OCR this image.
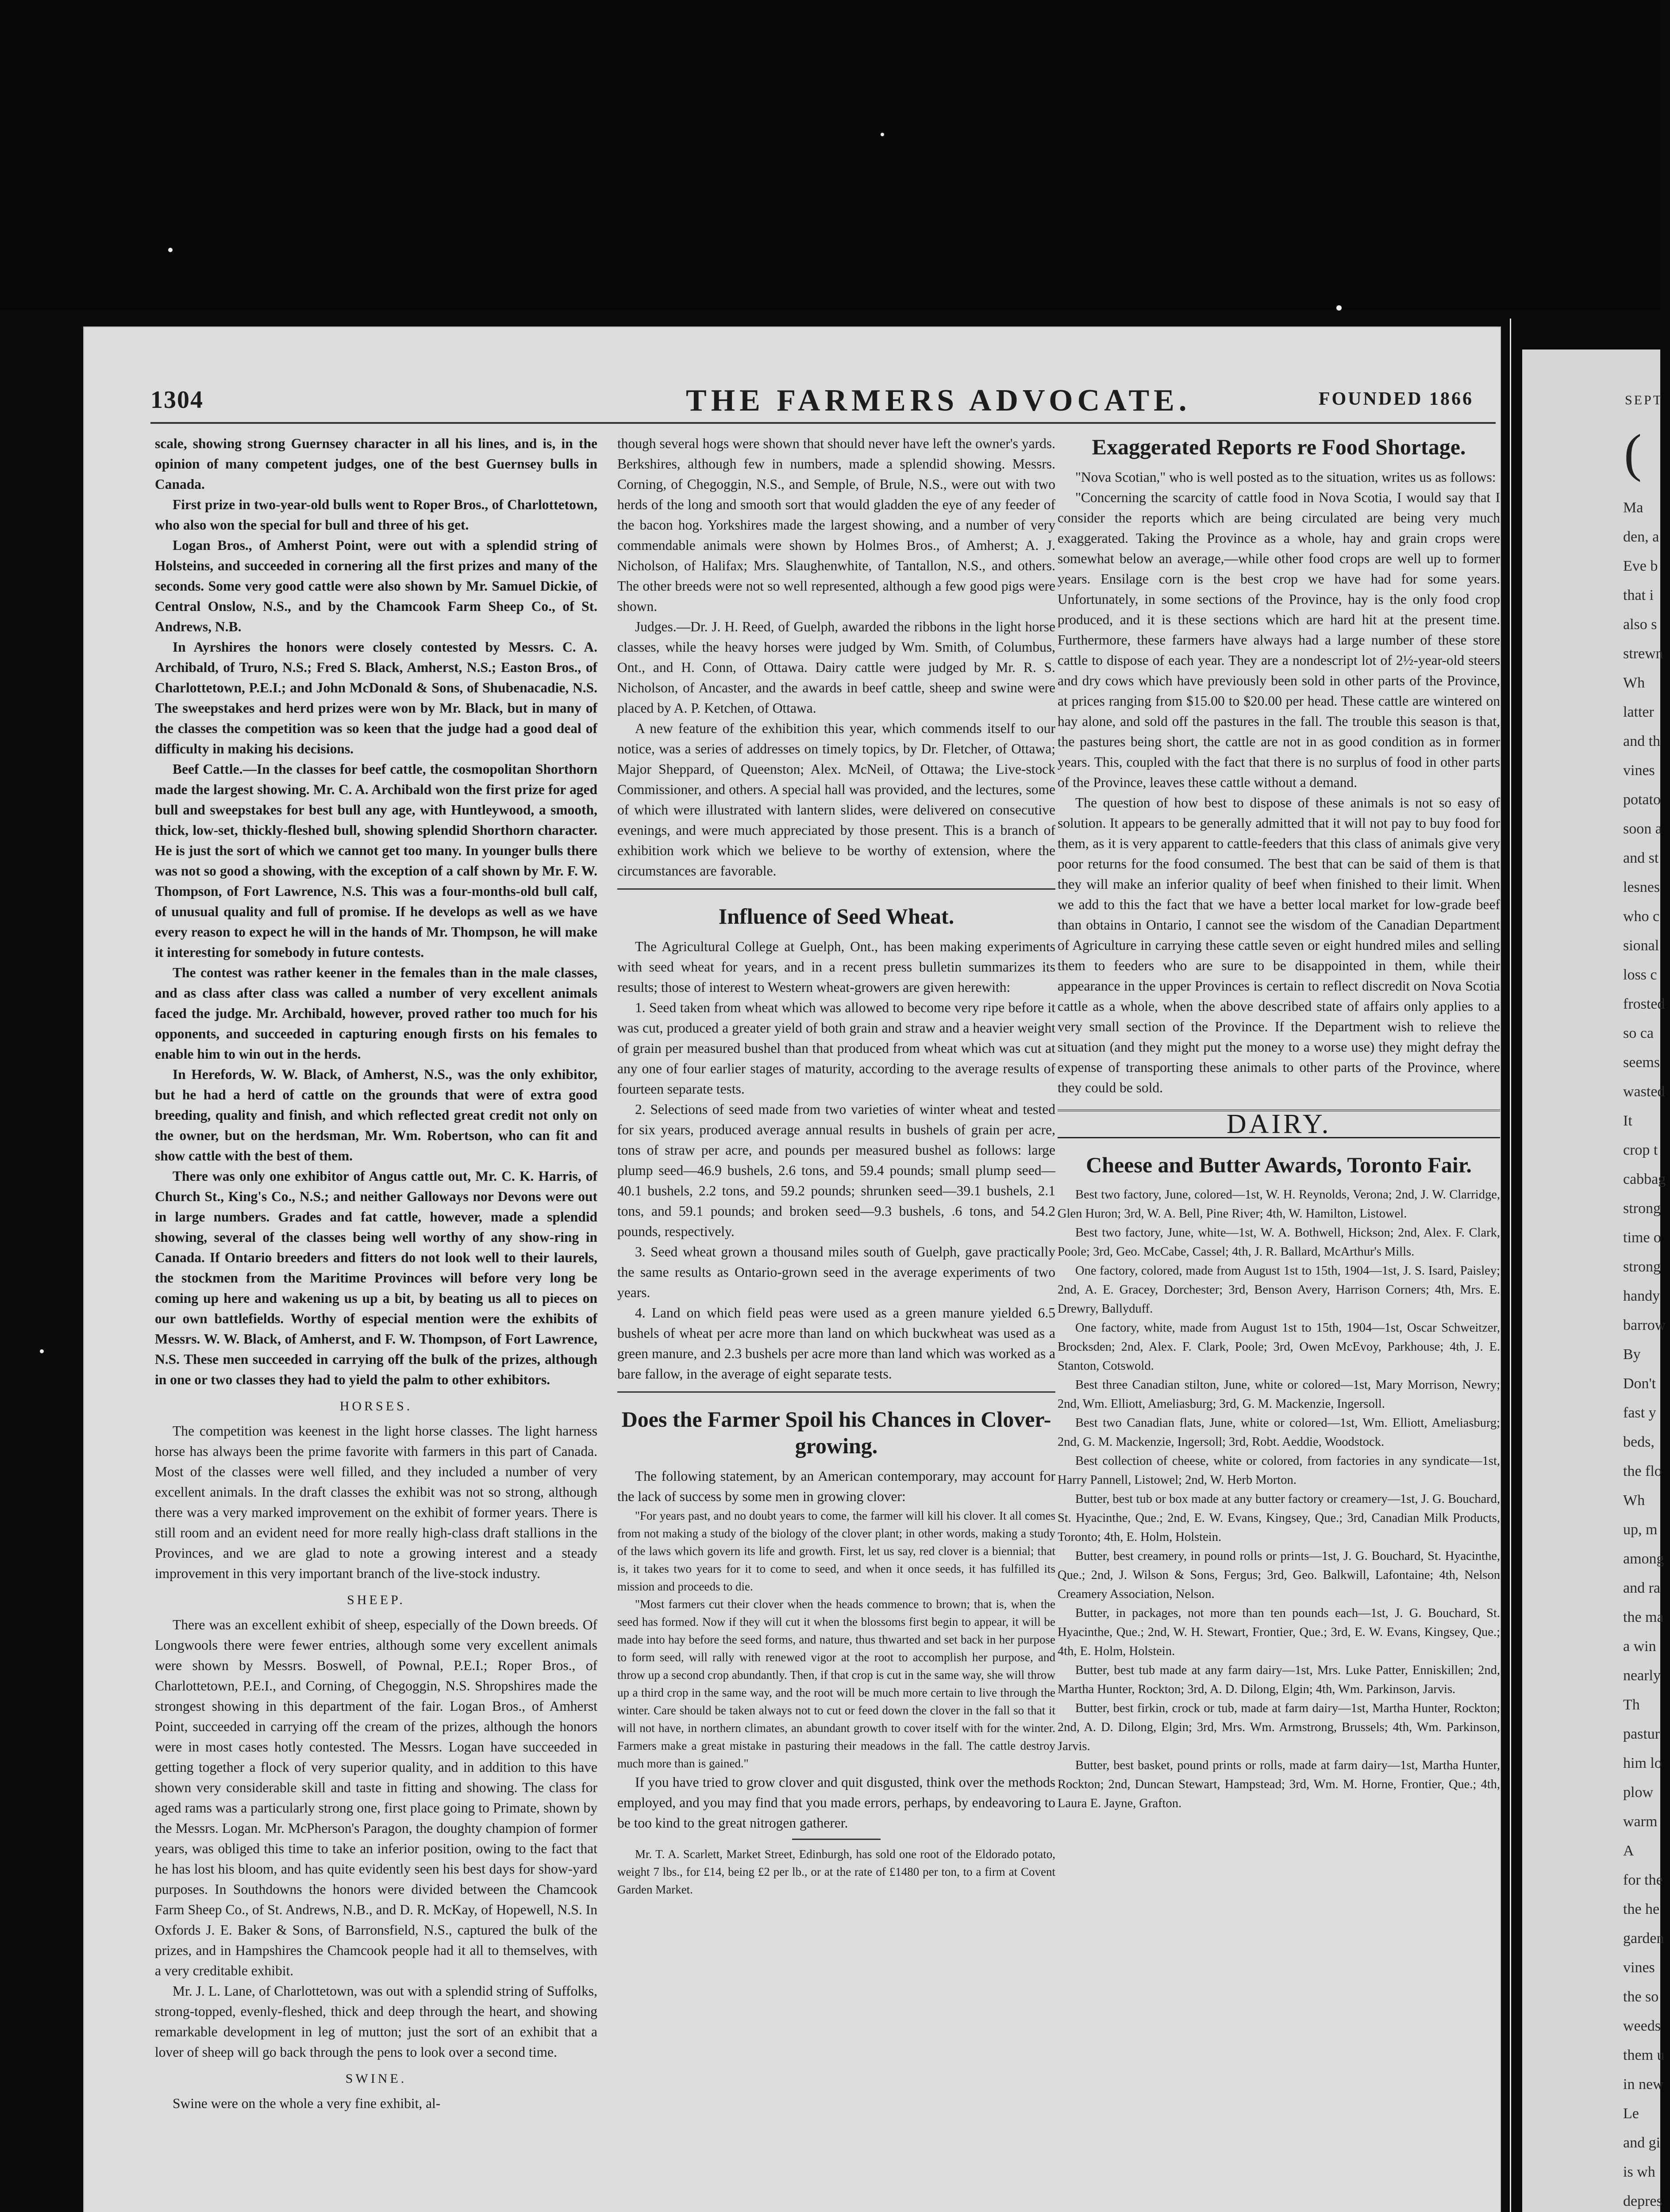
SEPT
(
Ma
den, a
Eve b
that i
also s
strewn
Wh
latter
and th
vines
potato
soon a
and st
lesnes
who c
sional
loss c
frosted
so ca
seems
wasted
It
crop t
cabbag
strong
time o
strong
handy
barrow
By
Don't
fast y
beds,
the flo
Wh
up, m
among
and ra
the ma
a win
nearly
Th
pastur
him lo
plow
warm
A
for the
the he
garden
vines
the so
weeds
them u
in new
Le
and gi
is wh
depres
1304	THE FARMERS ADVOCATE.	FOUNDED 1866

scale, showing strong Guernsey character in all his lines, and is, in the opinion of many competent judges, one of the best Guernsey bulls in Canada.

First prize in two-year-old bulls went to Roper Bros., of Charlottetown, who also won the special for bull and three of his get.

Logan Bros., of Amherst Point, were out with a splendid string of Holsteins, and succeeded in cornering all the first prizes and many of the seconds. Some very good cattle were also shown by Mr. Samuel Dickie, of Central Onslow, N.S., and by the Chamcook Farm Sheep Co., of St. Andrews, N.B.

In Ayrshires the honors were closely contested by Messrs. C. A. Archibald, of Truro, N.S.; Fred S. Black, Amherst, N.S.; Easton Bros., of Charlottetown, P.E.I.; and John McDonald & Sons, of Shubenacadie, N.S. The sweepstakes and herd prizes were won by Mr. Black, but in many of the classes the competition was so keen that the judge had a good deal of difficulty in making his decisions.

Beef Cattle.—In the classes for beef cattle, the cosmopolitan Shorthorn made the largest showing. Mr. C. A. Archibald won the first prize for aged bull and sweepstakes for best bull any age, with Huntleywood, a smooth, thick, low-set, thickly-fleshed bull, showing splendid Shorthorn character. He is just the sort of which we cannot get too many. In younger bulls there was not so good a showing, with the exception of a calf shown by Mr. F. W. Thompson, of Fort Lawrence, N.S. This was a four-months-old bull calf, of unusual quality and full of promise. If he develops as well as we have every reason to expect he will in the hands of Mr. Thompson, he will make it interesting for somebody in future contests.

The contest was rather keener in the females than in the male classes, and as class after class was called a number of very excellent animals faced the judge. Mr. Archibald, however, proved rather too much for his opponents, and succeeded in capturing enough firsts on his females to enable him to win out in the herds.

In Herefords, W. W. Black, of Amherst, N.S., was the only exhibitor, but he had a herd of cattle on the grounds that were of extra good breeding, quality and finish, and which reflected great credit not only on the owner, but on the herdsman, Mr. Wm. Robertson, who can fit and show cattle with the best of them.

There was only one exhibitor of Angus cattle out, Mr. C. K. Harris, of Church St., King's Co., N.S.; and neither Galloways nor Devons were out in large numbers. Grades and fat cattle, however, made a splendid showing, several of the classes being well worthy of any show-ring in Canada. If Ontario breeders and fitters do not look well to their laurels, the stockmen from the Maritime Provinces will before very long be coming up here and wakening us up a bit, by beating us all to pieces on our own battlefields. Worthy of especial mention were the exhibits of Messrs. W. W. Black, of Amherst, and F. W. Thompson, of Fort Lawrence, N.S. These men succeeded in carrying off the bulk of the prizes, although in one or two classes they had to yield the palm to other exhibitors.

HORSES.

The competition was keenest in the light horse classes. The light harness horse has always been the prime favorite with farmers in this part of Canada. Most of the classes were well filled, and they included a number of very excellent animals. In the draft classes the exhibit was not so strong, although there was a very marked improvement on the exhibit of former years. There is still room and an evident need for more really high-class draft stallions in the Provinces, and we are glad to note a growing interest and a steady improvement in this very important branch of the live-stock industry.

SHEEP.

There was an excellent exhibit of sheep, especially of the Down breeds. Of Longwools there were fewer entries, although some very excellent animals were shown by Messrs. Boswell, of Pownal, P.E.I.; Roper Bros., of Charlottetown, P.E.I., and Corning, of Chegoggin, N.S. Shropshires made the strongest showing in this department of the fair. Logan Bros., of Amherst Point, succeeded in carrying off the cream of the prizes, although the honors were in most cases hotly contested. The Messrs. Logan have succeeded in getting together a flock of very superior quality, and in addition to this have shown very considerable skill and taste in fitting and showing. The class for aged rams was a particularly strong one, first place going to Primate, shown by the Messrs. Logan. Mr. McPherson's Paragon, the doughty champion of former years, was obliged this time to take an inferior position, owing to the fact that he has lost his bloom, and has quite evidently seen his best days for show-yard purposes. In Southdowns the honors were divided between the Chamcook Farm Sheep Co., of St. Andrews, N.B., and D. R. McKay, of Hopewell, N.S. In Oxfords J. E. Baker & Sons, of Barronsfield, N.S., captured the bulk of the prizes, and in Hampshires the Chamcook people had it all to themselves, with a very creditable exhibit.

Mr. J. L. Lane, of Charlottetown, was out with a splendid string of Suffolks, strong-topped, evenly-fleshed, thick and deep through the heart, and showing remarkable development in leg of mutton; just the sort of an exhibit that a lover of sheep will go back through the pens to look over a second time.

SWINE.

Swine were on the whole a very fine exhibit, al-

though several hogs were shown that should never have left the owner's yards. Berkshires, although few in numbers, made a splendid showing. Messrs. Corning, of Chegoggin, N.S., and Semple, of Brule, N.S., were out with two herds of the long and smooth sort that would gladden the eye of any feeder of the bacon hog. Yorkshires made the largest showing, and a number of very commendable animals were shown by Holmes Bros., of Amherst; A. J. Nicholson, of Halifax; Mrs. Slaughenwhite, of Tantallon, N.S., and others. The other breeds were not so well represented, although a few good pigs were shown.

Judges.—Dr. J. H. Reed, of Guelph, awarded the ribbons in the light horse classes, while the heavy horses were judged by Wm. Smith, of Columbus, Ont., and H. Conn, of Ottawa. Dairy cattle were judged by Mr. R. S. Nicholson, of Ancaster, and the awards in beef cattle, sheep and swine were placed by A. P. Ketchen, of Ottawa.

A new feature of the exhibition this year, which commends itself to our notice, was a series of addresses on timely topics, by Dr. Fletcher, of Ottawa; Major Sheppard, of Queenston; Alex. McNeil, of Ottawa; the Live-stock Commissioner, and others. A special hall was provided, and the lectures, some of which were illustrated with lantern slides, were delivered on consecutive evenings, and were much appreciated by those present. This is a branch of exhibition work which we believe to be worthy of extension, where the circumstances are favorable.

Influence of Seed Wheat.

The Agricultural College at Guelph, Ont., has been making experiments with seed wheat for years, and in a recent press bulletin summarizes its results; those of interest to Western wheat-growers are given herewith:

1. Seed taken from wheat which was allowed to become very ripe before it was cut, produced a greater yield of both grain and straw and a heavier weight of grain per measured bushel than that produced from wheat which was cut at any one of four earlier stages of maturity, according to the average results of fourteen separate tests.

2. Selections of seed made from two varieties of winter wheat and tested for six years, produced average annual results in bushels of grain per acre, tons of straw per acre, and pounds per measured bushel as follows: large plump seed—46.9 bushels, 2.6 tons, and 59.4 pounds; small plump seed—40.1 bushels, 2.2 tons, and 59.2 pounds; shrunken seed—39.1 bushels, 2.1 tons, and 59.1 pounds; and broken seed—9.3 bushels, .6 tons, and 54.2 pounds, respectively.

3. Seed wheat grown a thousand miles south of Guelph, gave practically the same results as Ontario-grown seed in the average experiments of two years.

4. Land on which field peas were used as a green manure yielded 6.5 bushels of wheat per acre more than land on which buckwheat was used as a green manure, and 2.3 bushels per acre more than land which was worked as a bare fallow, in the average of eight separate tests.

Does the Farmer Spoil his Chances in Clover-growing.

The following statement, by an American contemporary, may account for the lack of success by some men in growing clover:

"For years past, and no doubt years to come, the farmer will kill his clover. It all comes from not making a study of the biology of the clover plant; in other words, making a study of the laws which govern its life and growth. First, let us say, red clover is a biennial; that is, it takes two years for it to come to seed, and when it once seeds, it has fulfilled its mission and proceeds to die.

"Most farmers cut their clover when the heads commence to brown; that is, when the seed has formed. Now if they will cut it when the blossoms first begin to appear, it will be made into hay before the seed forms, and nature, thus thwarted and set back in her purpose to form seed, will rally with renewed vigor at the root to accomplish her purpose, and throw up a second crop abundantly. Then, if that crop is cut in the same way, she will throw up a third crop in the same way, and the root will be much more certain to live through the winter. Care should be taken always not to cut or feed down the clover in the fall so that it will not have, in northern climates, an abundant growth to cover itself with for the winter. Farmers make a great mistake in pasturing their meadows in the fall. The cattle destroy much more than is gained."

If you have tried to grow clover and quit disgusted, think over the methods employed, and you may find that you made errors, perhaps, by endeavoring to be too kind to the great nitrogen gatherer.

Mr. T. A. Scarlett, Market Street, Edinburgh, has sold one root of the Eldorado potato, weight 7 lbs., for £14, being £2 per lb., or at the rate of £1480 per ton, to a firm at Covent Garden Market.

Exaggerated Reports re Food Shortage.

"Nova Scotian," who is well posted as to the situation, writes us as follows:

"Concerning the scarcity of cattle food in Nova Scotia, I would say that I consider the reports which are being circulated are being very much exaggerated. Taking the Province as a whole, hay and grain crops were somewhat below an average,—while other food crops are well up to former years. Ensilage corn is the best crop we have had for some years. Unfortunately, in some sections of the Province, hay is the only food crop produced, and it is these sections which are hard hit at the present time. Furthermore, these farmers have always had a large number of these store cattle to dispose of each year. They are a nondescript lot of 2½-year-old steers and dry cows which have previously been sold in other parts of the Province, at prices ranging from $15.00 to $20.00 per head. These cattle are wintered on hay alone, and sold off the pastures in the fall. The trouble this season is that, the pastures being short, the cattle are not in as good condition as in former years. This, coupled with the fact that there is no surplus of food in other parts of the Province, leaves these cattle without a demand.

The question of how best to dispose of these animals is not so easy of solution. It appears to be generally admitted that it will not pay to buy food for them, as it is very apparent to cattle-feeders that this class of animals give very poor returns for the food consumed. The best that can be said of them is that they will make an inferior quality of beef when finished to their limit. When we add to this the fact that we have a better local market for low-grade beef than obtains in Ontario, I cannot see the wisdom of the Canadian Department of Agriculture in carrying these cattle seven or eight hundred miles and selling them to feeders who are sure to be disappointed in them, while their appearance in the upper Provinces is certain to reflect discredit on Nova Scotia cattle as a whole, when the above described state of affairs only applies to a very small section of the Province. If the Department wish to relieve the situation (and they might put the money to a worse use) they might defray the expense of transporting these animals to other parts of the Province, where they could be sold.

DAIRY.
Cheese and Butter Awards, Toronto Fair.

Best two factory, June, colored—1st, W. H. Reynolds, Verona; 2nd, J. W. Clarridge, Glen Huron; 3rd, W. A. Bell, Pine River; 4th, W. Hamilton, Listowel.

Best two factory, June, white—1st, W. A. Bothwell, Hickson; 2nd, Alex. F. Clark, Poole; 3rd, Geo. McCabe, Cassel; 4th, J. R. Ballard, McArthur's Mills.

One factory, colored, made from August 1st to 15th, 1904—1st, J. S. Isard, Paisley; 2nd, A. E. Gracey, Dorchester; 3rd, Benson Avery, Harrison Corners; 4th, Mrs. E. Drewry, Ballyduff.

One factory, white, made from August 1st to 15th, 1904—1st, Oscar Schweitzer, Brocksden; 2nd, Alex. F. Clark, Poole; 3rd, Owen McEvoy, Parkhouse; 4th, J. E. Stanton, Cotswold.

Best three Canadian stilton, June, white or colored—1st, Mary Morrison, Newry; 2nd, Wm. Elliott, Ameliasburg; 3rd, G. M. Mackenzie, Ingersoll.

Best two Canadian flats, June, white or colored—1st, Wm. Elliott, Ameliasburg; 2nd, G. M. Mackenzie, Ingersoll; 3rd, Robt. Aeddie, Woodstock.

Best collection of cheese, white or colored, from factories in any syndicate—1st, Harry Pannell, Listowel; 2nd, W. Herb Morton.

Butter, best tub or box made at any butter factory or creamery—1st, J. G. Bouchard, St. Hyacinthe, Que.; 2nd, E. W. Evans, Kingsey, Que.; 3rd, Canadian Milk Products, Toronto; 4th, E. Holm, Holstein.

Butter, best creamery, in pound rolls or prints—1st, J. G. Bouchard, St. Hyacinthe, Que.; 2nd, J. Wilson & Sons, Fergus; 3rd, Geo. Balkwill, Lafontaine; 4th, Nelson Creamery Association, Nelson.

Butter, in packages, not more than ten pounds each—1st, J. G. Bouchard, St. Hyacinthe, Que.; 2nd, W. H. Stewart, Frontier, Que.; 3rd, E. W. Evans, Kingsey, Que.; 4th, E. Holm, Holstein.

Butter, best tub made at any farm dairy—1st, Mrs. Luke Patter, Enniskillen; 2nd, Martha Hunter, Rockton; 3rd, A. D. Dilong, Elgin; 4th, Wm. Parkinson, Jarvis.

Butter, best firkin, crock or tub, made at farm dairy—1st, Martha Hunter, Rockton; 2nd, A. D. Dilong, Elgin; 3rd, Mrs. Wm. Armstrong, Brussels; 4th, Wm. Parkinson, Jarvis.

Butter, best basket, pound prints or rolls, made at farm dairy—1st, Martha Hunter, Rockton; 2nd, Duncan Stewart, Hampstead; 3rd, Wm. M. Horne, Frontier, Que.; 4th, Laura E. Jayne, Grafton.
